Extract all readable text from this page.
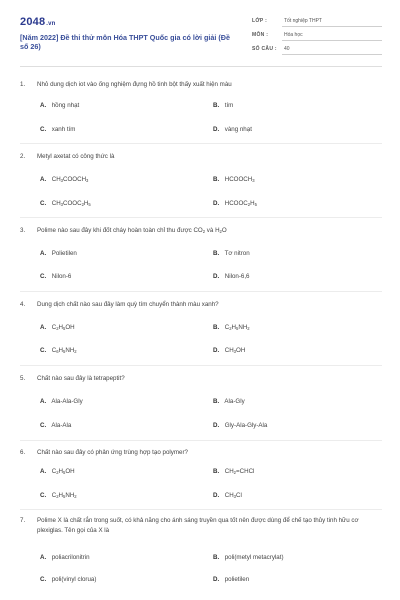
2048.vn
[Năm 2022] Đề thi thử môn Hóa THPT Quốc gia có lời giải (Đề số 26)
LỚP :	Tốt nghiệp THPT
MÔN :	Hóa học
SỐ CÂU : 40
1.	Nhỏ dung dịch iot vào ống nghiệm đựng hồ tinh bột thấy xuất hiện màu
A. hồng nhạt	B. tím
C. xanh tím	D. vàng nhạt
2.	Metyl axetat có công thức là
A. $CH_3COOCH_3$	B. $HCOOCH_3$
C. $CH_3COOC_2H_5$	D. $HCOOC_2H_5$
3.	Polime nào sau đây khi đốt cháy hoàn toàn chỉ thu được $CO_2$ và $H_2O$
A. Polietilen	B. Tơ nitron
C. Nilon-6	D. Nilon-6,6
4.	Dung dịch chất nào sau đây làm quỳ tím chuyển thành màu xanh?
A. $C_2H_5OH$	B. $C_2H_5NH_2$
C. $C_6H_5NH_2$	D. $CH_3OH$
5.	Chất nào sau đây là tetrapeptit?
A. Ala-Ala-Gly	B. Ala-Gly
C. Ala-Ala	D. Gly-Ala-Gly-Ala
6.	Chất nào sau đây có phản ứng trùng hợp tạo polymer?
A. $C_2H_5OH$	B. $CH_2=CHCl$
C. $C_2H_5NH_2$	D. $CH_3Cl$
7.	Polime X là chất rắn trong suốt, có khả năng cho ánh sáng truyền qua tốt nên được dùng để chế tạo thủy tinh hữu cơ plexiglas. Tên gọi của X là
A. poliacrilonitrin	B. poli(metyl metacrylat)
C. poli(vinyl clorua)	D. polietilen
